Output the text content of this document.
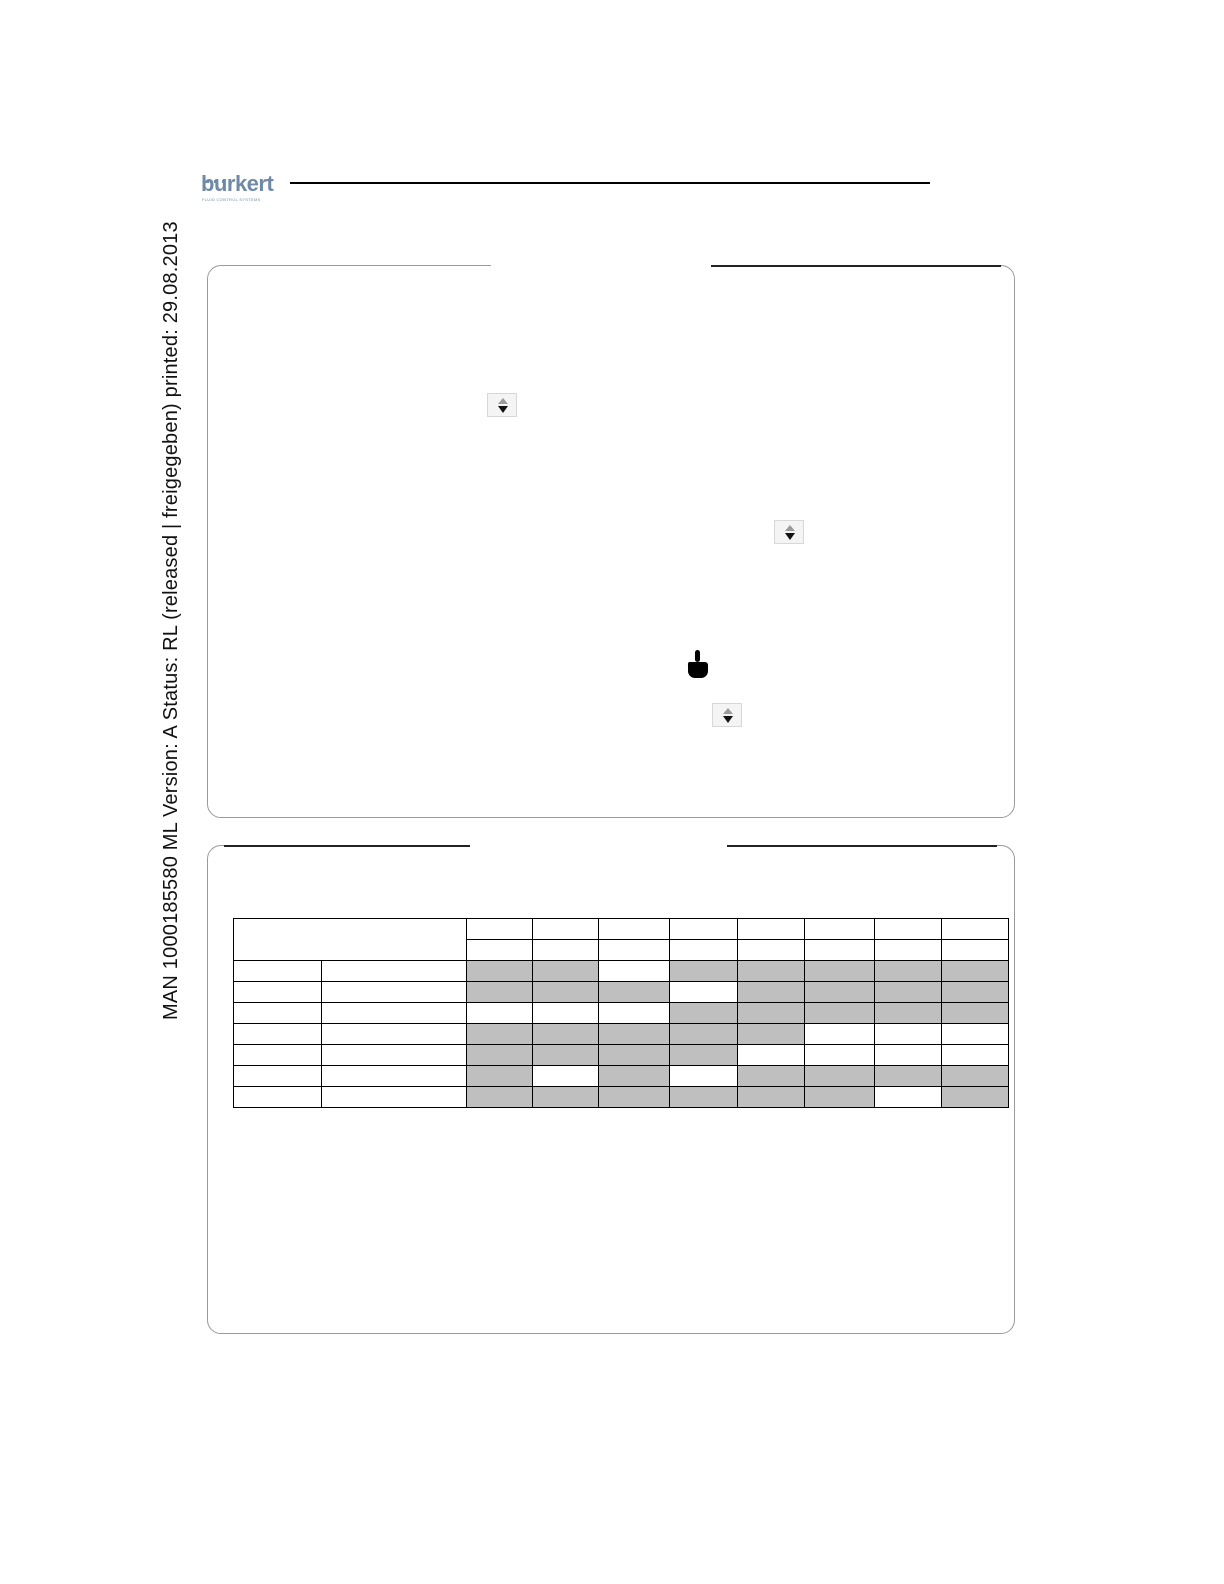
MAN 1000185580 ML Version: A Status: RL (released | freigegeben) printed: 29.08.2013
burkert
FLUID CONTROL SYSTEMS
